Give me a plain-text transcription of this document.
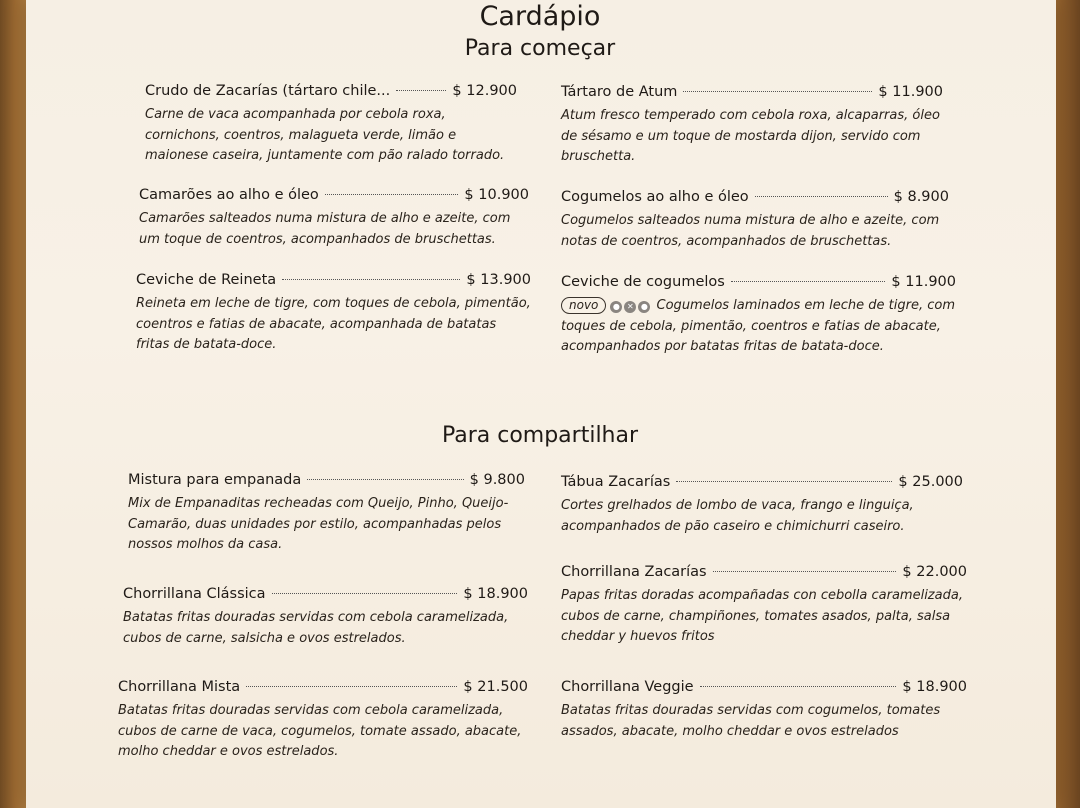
Cardápio
Para começar
Para compartilhar
Crudo de Zacarías (tártaro chile...	$ 12.900
Carne de vaca acompanhada por cebola roxa, cornichons, coentros, malagueta verde, limão e maionese caseira, juntamente com pão ralado torrado.
Tártaro de Atum	$ 11.900
Atum fresco temperado com cebola roxa, alcaparras, óleo de sésamo e um toque de mostarda dijon, servido com bruschetta.
Camarões ao alho e óleo	$ 10.900
Camarões salteados numa mistura de alho e azeite, com um toque de coentros, acompanhados de bruschettas.
Cogumelos ao alho e óleo	$ 8.900
Cogumelos salteados numa mistura de alho e azeite, com notas de coentros, acompanhados de bruschettas.
Ceviche de Reineta	$ 13.900
Reineta em leche de tigre, com toques de cebola, pimentão, coentros e fatias de abacate, acompanhada de batatas fritas de batata-doce.
Ceviche de cogumelos	$ 11.900
novo ● ✕ ● Cogumelos laminados em leche de tigre, com toques de cebola, pimentão, coentros e fatias de abacate, acompanhados por batatas fritas de batata-doce.
Mistura para empanada	$ 9.800
Mix de Empanaditas recheadas com Queijo, Pinho, Queijo-Camarão, duas unidades por estilo, acompanhadas pelos nossos molhos da casa.
Tábua Zacarías	$ 25.000
Cortes grelhados de lombo de vaca, frango e linguiça, acompanhados de pão caseiro e chimichurri caseiro.
Chorrillana Clássica	$ 18.900
Batatas fritas douradas servidas com cebola caramelizada, cubos de carne, salsicha e ovos estrelados.
Chorrillana Zacarías	$ 22.000
Papas fritas doradas acompañadas con cebolla caramelizada, cubos de carne, champiñones, tomates asados, palta, salsa cheddar y huevos fritos
Chorrillana Mista	$ 21.500
Batatas fritas douradas servidas com cebola caramelizada, cubos de carne de vaca, cogumelos, tomate assado, abacate, molho cheddar e ovos estrelados.
Chorrillana Veggie	$ 18.900
Batatas fritas douradas servidas com cogumelos, tomates assados, abacate, molho cheddar e ovos estrelados
